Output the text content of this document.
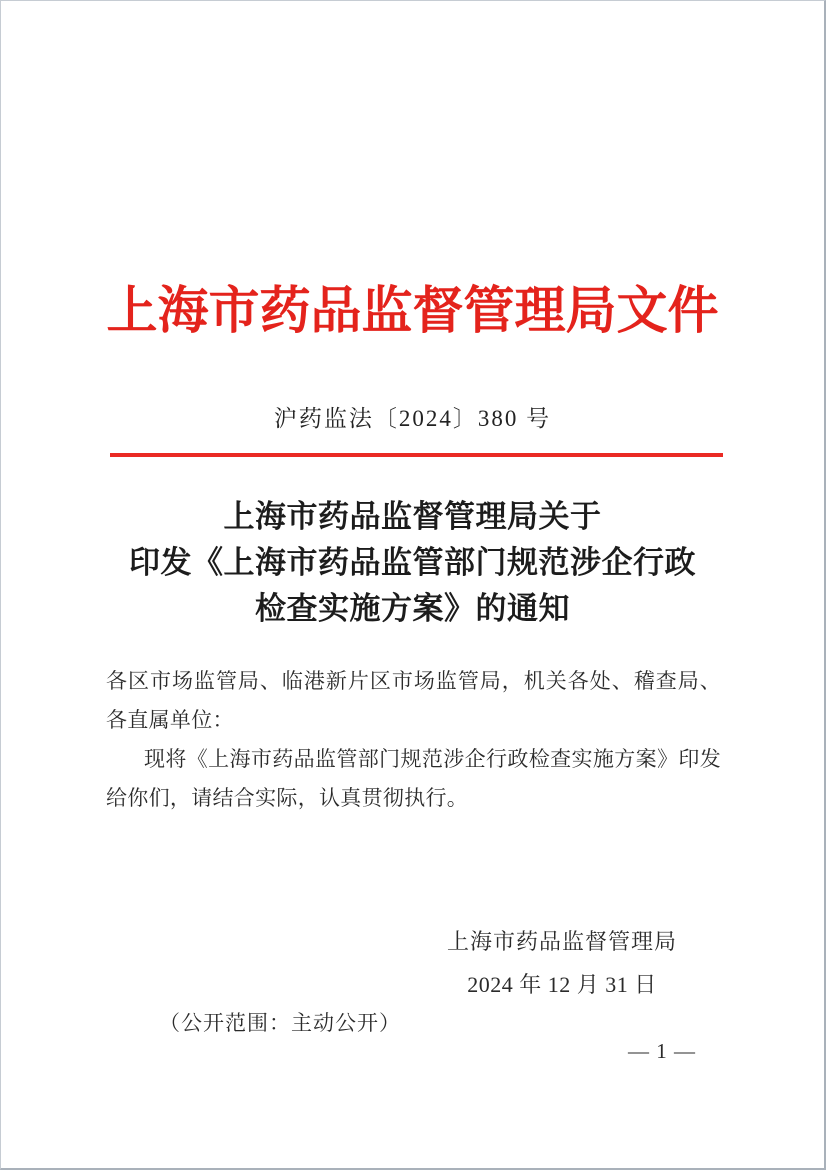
上海市药品监督管理局文件
沪药监法〔2024〕380 号
上海市药品监督管理局关于
印发《上海市药品监管部门规范涉企行政
检查实施方案》的通知

各区市场监管局、临港新片区市场监管局，机关各处、稽查局、各直属单位：

现将《上海市药品监管部门规范涉企行政检查实施方案》印发给你们，请结合实际，认真贯彻执行。

上海市药品监督管理局
2024 年 12 月 31 日
（公开范围：主动公开）
— 1 —
